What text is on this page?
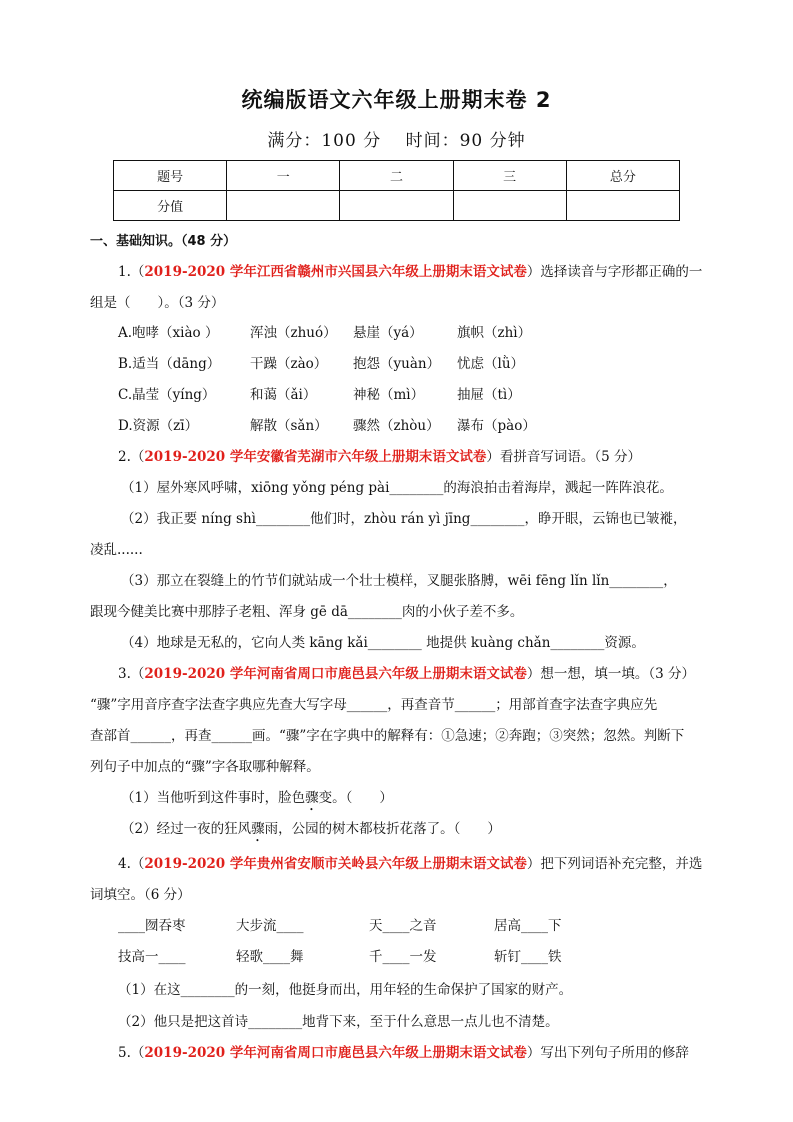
统编版语文六年级上册期末卷 2
满分：100 分　 时间：90 分钟
题号	一	二	三	总分
分值				
一、基础知识。（48 分）
1.（2019-2020 学年江西省赣州市兴国县六年级上册期末语文试卷）选择读音与字形都正确的一
组是（　　）。（3 分）
A.咆哮（xiào ） 浑浊（zhuó） 悬崖（yá）	旗帜（zhì）
B.适当（dāng） 干躁（zào） 抱怨（yuàn） 忧虑（lǜ）
C.晶莹（yíng）	和蔼（ǎi）	神秘（mì） 抽屉（tì）
D.资源（zī）	解散（sǎn） 骤然（zhòu） 瀑布（pào）
2.（2019-2020 学年安徽省芜湖市六年级上册期末语文试卷）看拼音写词语。（5 分）
（1）屋外寒风呼啸，xiōng yǒng péng pài________的海浪拍击着海岸，溅起一阵阵浪花。
（2）我正要 níng shì________他们时，zhòu rán yì jīng________，睁开眼，云锦也已皱褷，
凌乱......
（3）那立在裂缝上的竹节们就站成一个壮士模样，叉腿张胳膊，wēi fēng lǐn lǐn________，
跟现今健美比赛中那脖子老粗、浑身 gē dā________肉的小伙子差不多。
（4）地球是无私的，它向人类 kāng kǎi________ 地提供 kuàng chǎn________资源。
3.（2019-2020 学年河南省周口市鹿邑县六年级上册期末语文试卷）想一想，填一填。（3 分）
“骤”字用音序查字法查字典应先查大写字母______，再查音节______；用部首查字法查字典应先
查部首______，再查______画。“骤”字在字典中的解释有：①急速；②奔跑；③突然；忽然。判断下
列句子中加点的“骤”字各取哪种解释。
（1）当他听到这件事时，脸色骤变。（　　）
（2）经过一夜的狂风骤雨，公园的树木都枝折花落了。（　　）
4.（2019-2020 学年贵州省安顺市关岭县六年级上册期末语文试卷）把下列词语补充完整，并选
词填空。（6 分）
____囫吞枣	大步流____	天____之音	居高____下
技高一____	轻歌____舞	千____一发	斩钉____铁
（1）在这________的一刻，他挺身而出，用年轻的生命保护了国家的财产。
（2）他只是把这首诗________地背下来，至于什么意思一点儿也不清楚。
5.（2019-2020 学年河南省周口市鹿邑县六年级上册期末语文试卷）写出下列句子所用的修辞
